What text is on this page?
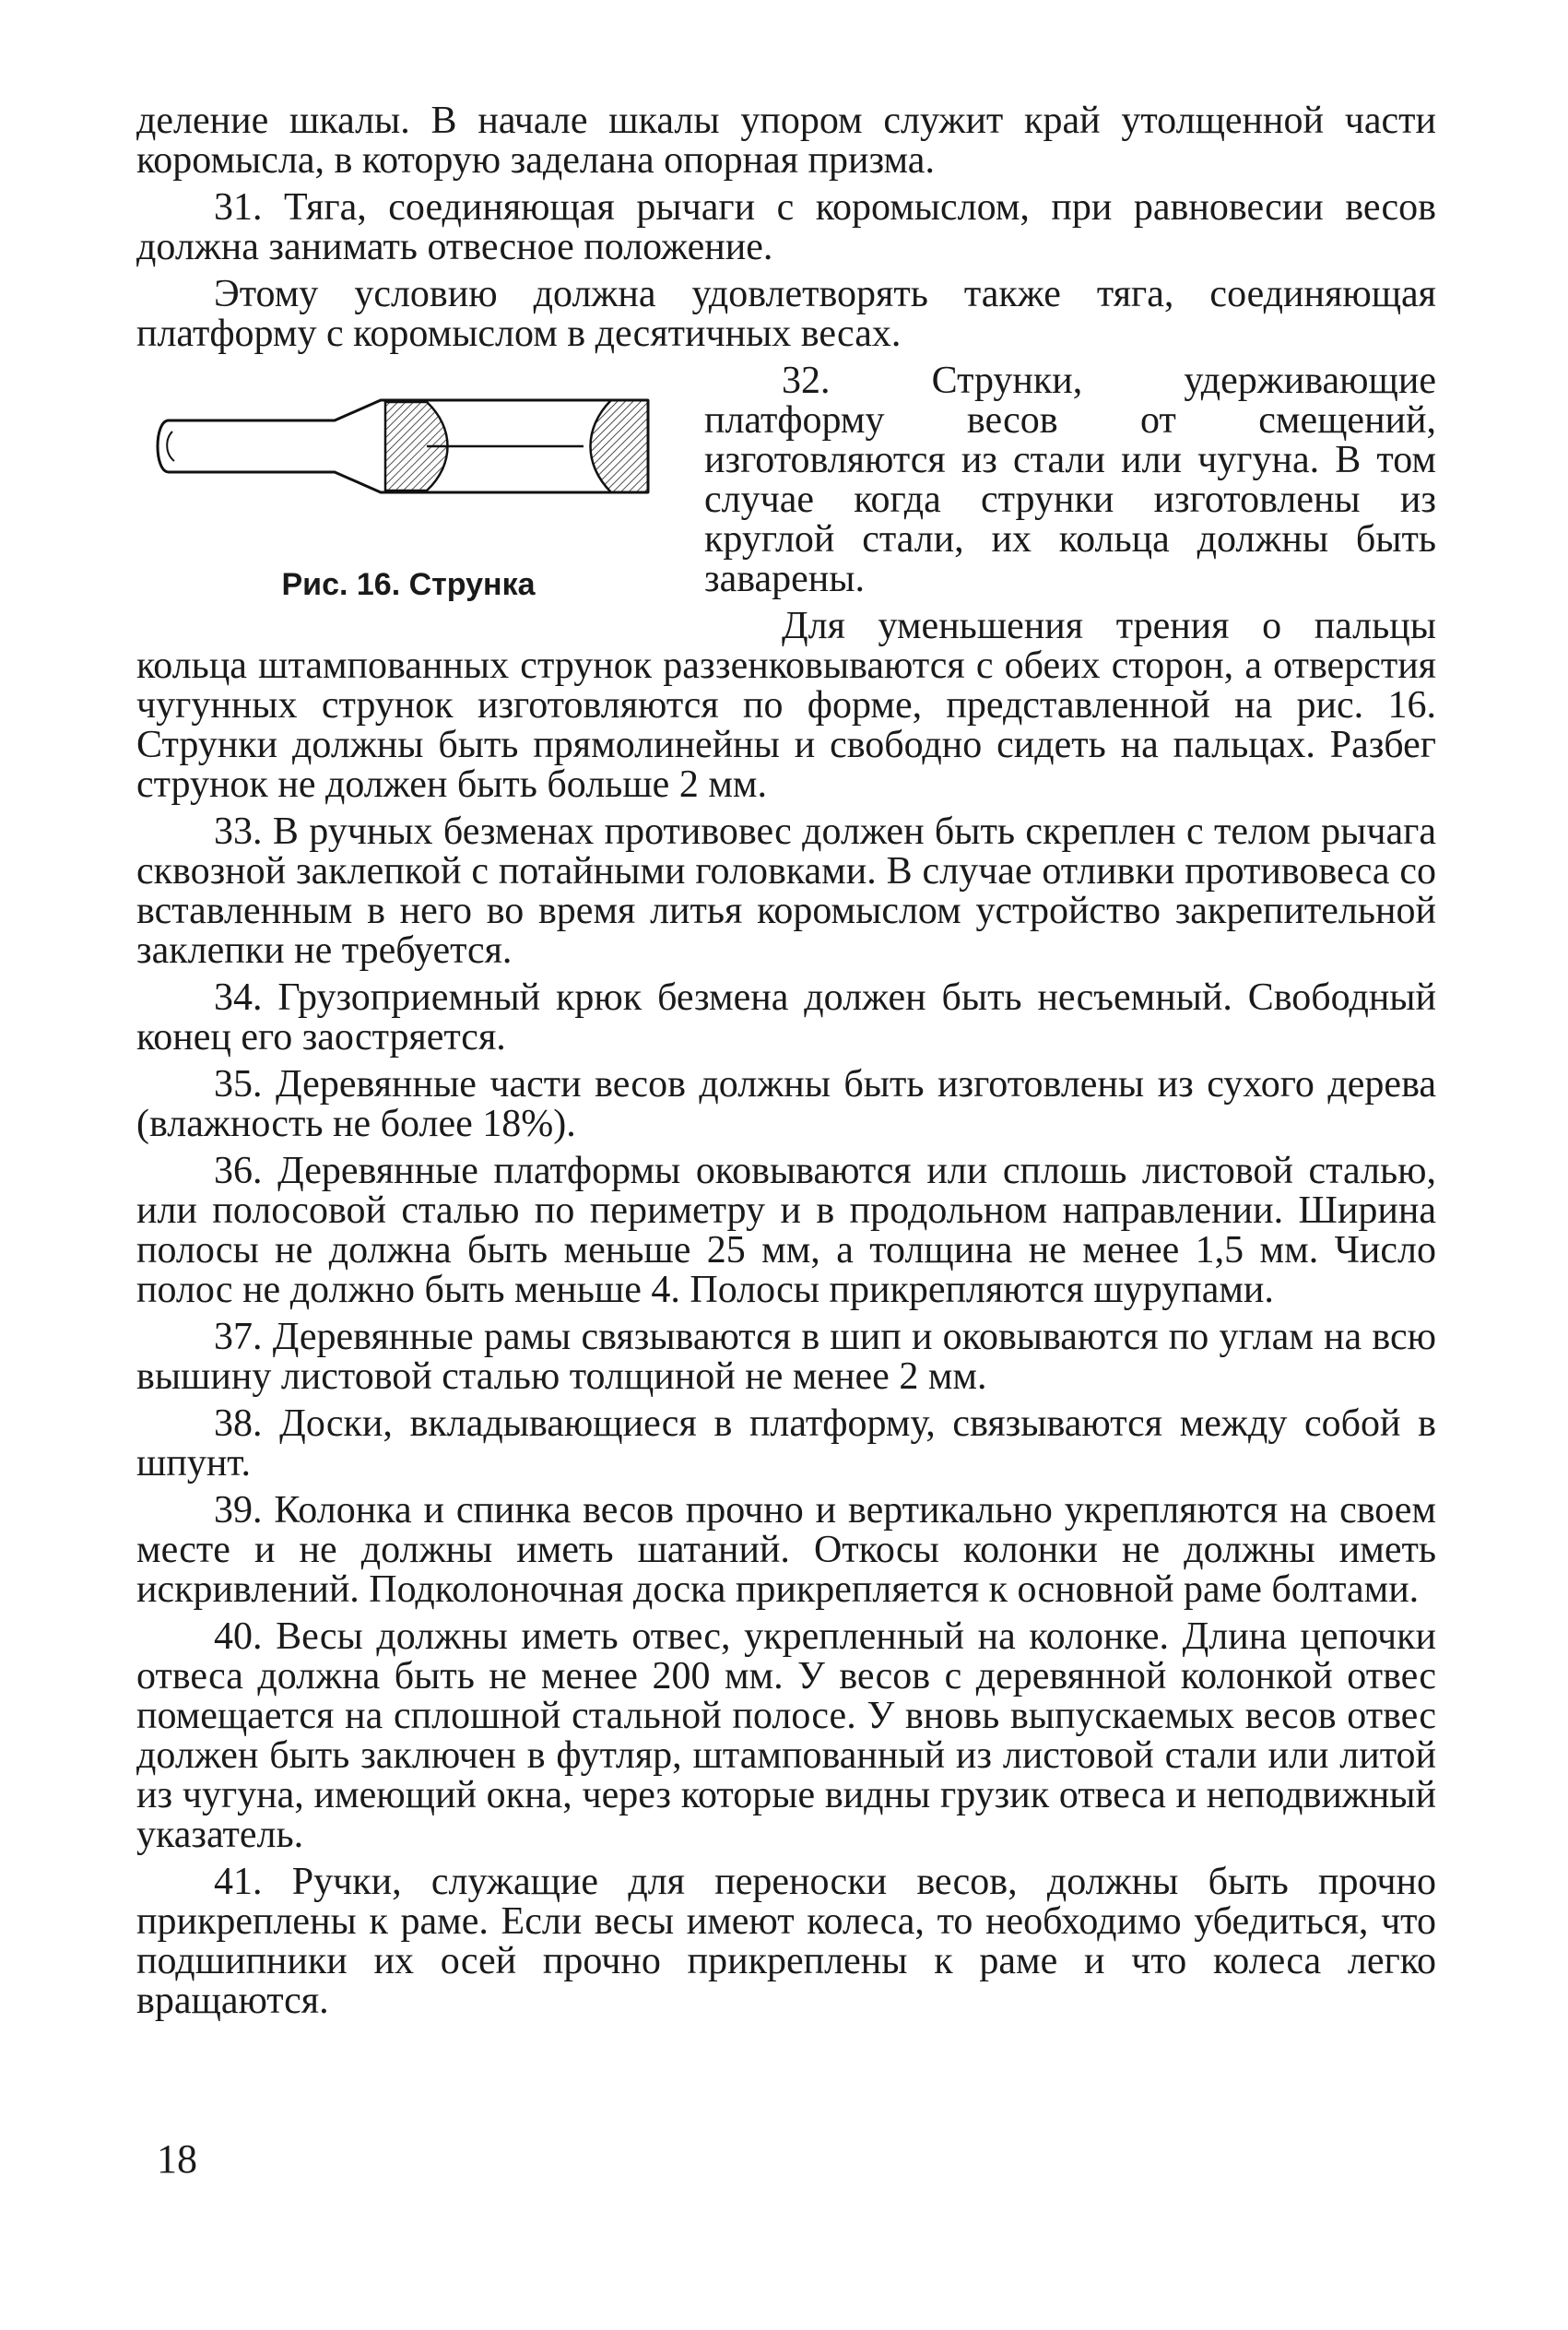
деление шкалы. В начале шкалы упором служит край утолщенной части коромысла, в которую заделана опорная призма.

31. Тяга, соединяющая рычаги с коромыслом, при равновесии весов должна занимать отвесное положение.

Этому условию должна удовлетворять также тяга, соединяющая платформу с коромыслом в десятичных весах.

Рис. 16. Струнка

32. Струнки, удерживающие платформу весов от смещений, изготовляются из стали или чугуна. В том случае когда струнки изготовлены из круглой стали, их кольца должны быть заварены.

Для уменьшения трения о пальцы кольца штампованных струнок раззенковываются с обеих сторон, а отверстия чугунных струнок изготовляются по форме, представленной на рис. 16. Струнки должны быть прямолинейны и свободно сидеть на пальцах. Разбег струнок не должен быть больше 2 мм.

33. В ручных безменах противовес должен быть скреплен с телом рычага сквозной заклепкой с потайными головками. В случае отливки противовеса со вставленным в него во время литья коромыслом устройство закрепительной заклепки не требуется.

34. Грузоприемный крюк безмена должен быть несъемный. Свободный конец его заостряется.

35. Деревянные части весов должны быть изготовлены из сухого дерева (влажность не более 18%).

36. Деревянные платформы оковываются или сплошь листовой сталью, или полосовой сталью по периметру и в продольном направлении. Ширина полосы не должна быть меньше 25 мм, а толщина не менее 1,5 мм. Число полос не должно быть меньше 4. Полосы прикрепляются шурупами.

37. Деревянные рамы связываются в шип и оковываются по углам на всю вышину листовой сталью толщиной не менее 2 мм.

38. Доски, вкладывающиеся в платформу, связываются между собой в шпунт.

39. Колонка и спинка весов прочно и вертикально укрепляются на своем месте и не должны иметь шатаний. Откосы колонки не должны иметь искривлений. Подколоночная доска прикрепляется к основной раме болтами.

40. Весы должны иметь отвес, укрепленный на колонке. Длина цепочки отвеса должна быть не менее 200 мм. У весов с деревянной колонкой отвес помещается на сплошной стальной полосе. У вновь выпускаемых весов отвес должен быть заключен в футляр, штампованный из листовой стали или литой из чугуна, имеющий окна, через которые видны грузик отвеса и неподвижный указатель.

41. Ручки, служащие для переноски весов, должны быть прочно прикреплены к раме. Если весы имеют колеса, то необходимо убедиться, что подшипники их осей прочно прикреплены к раме и что колеса легко вращаются.

18
